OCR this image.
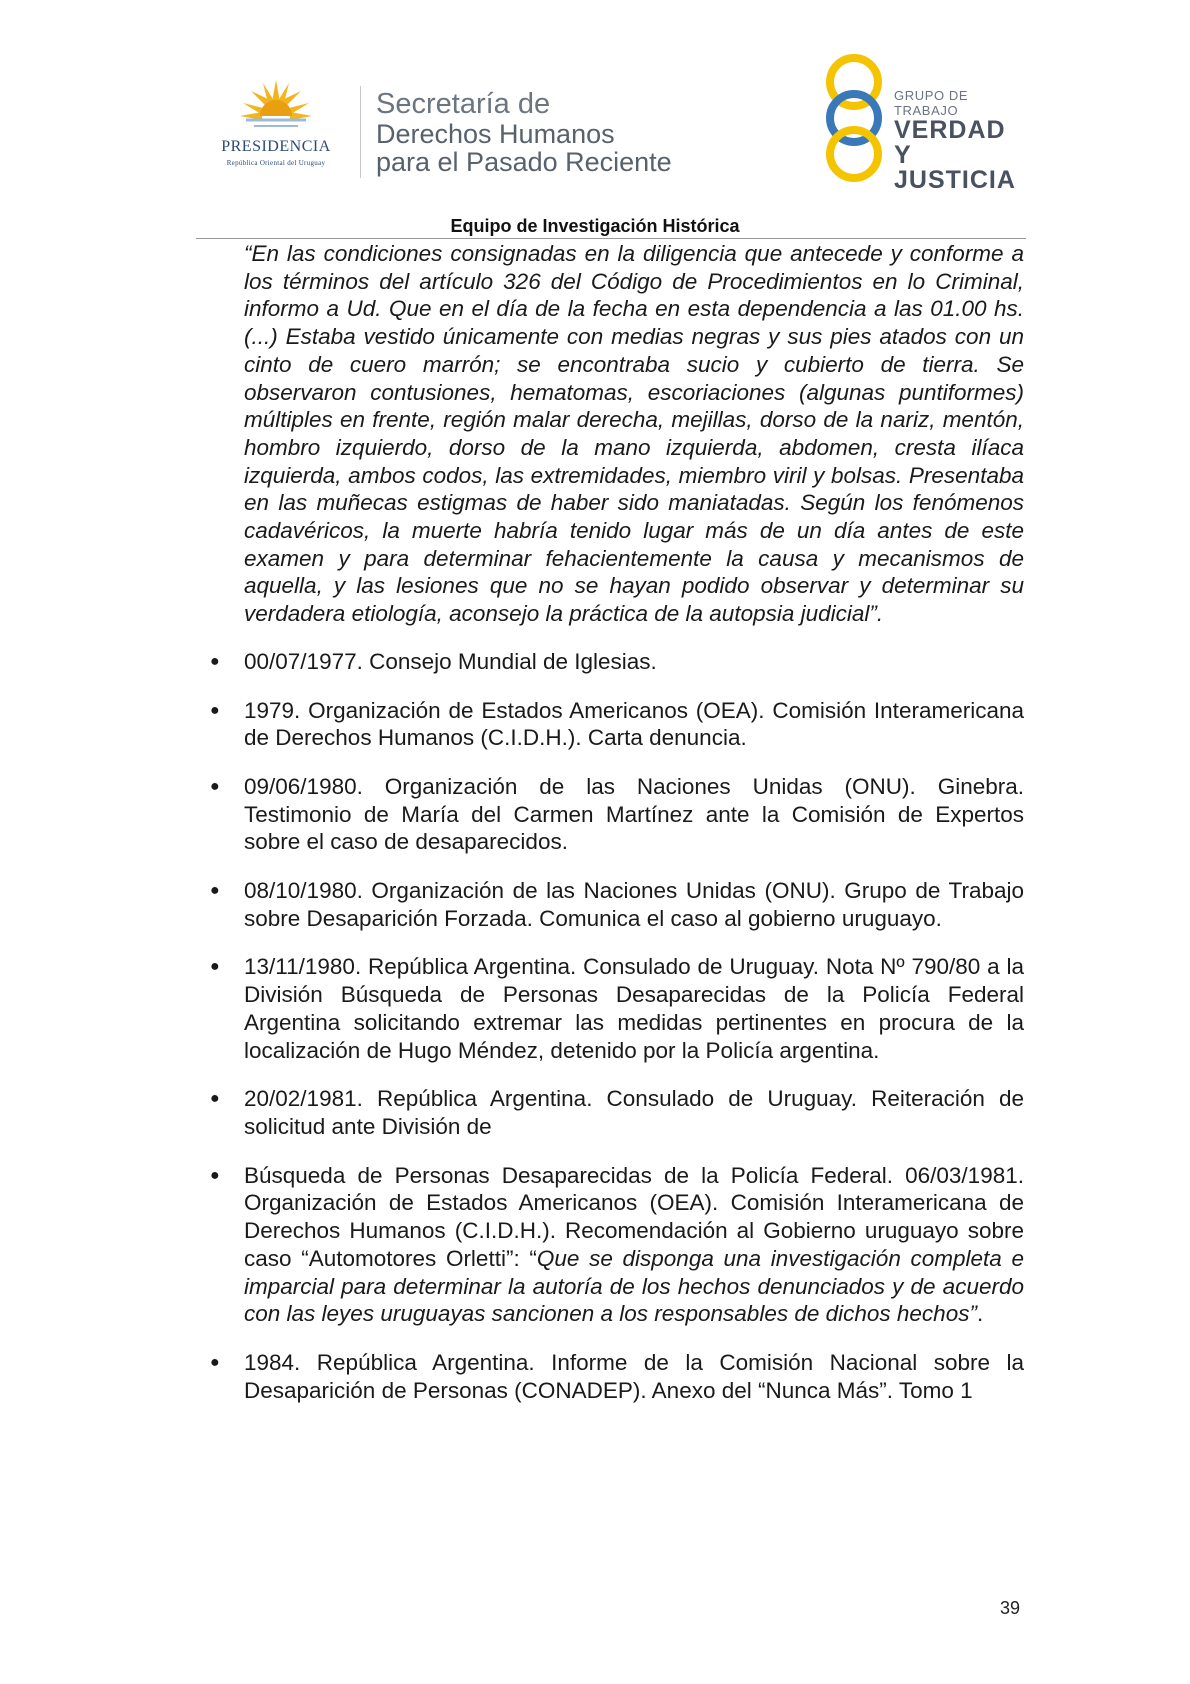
PRESIDENCIA
República Oriental del Uruguay
Secretaría de
Derechos Humanos
para el Pasado Reciente
GRUPO DE TRABAJO
VERDAD Y
JUSTICIA
Equipo de Investigación Histórica
“En las condiciones consignadas en la diligencia que antecede y conforme a los términos del artículo 326 del Código de Procedimientos en lo Criminal, informo a Ud. Que en el día de la fecha en esta dependencia a las 01.00 hs. (...) Estaba vestido únicamente con medias negras y sus pies atados con un cinto de cuero marrón; se encontraba sucio y cubierto de tierra. Se observaron contusiones, hematomas, escoriaciones (algunas puntiformes) múltiples en frente, región malar derecha, mejillas, dorso de la nariz, mentón, hombro izquierdo, dorso de la mano izquierda, abdomen, cresta ilíaca izquierda, ambos codos, las extremidades, miembro viril y bolsas. Presentaba en las muñecas estigmas de haber sido maniatadas. Según los fenómenos cadavéricos, la muerte habría tenido lugar más de un día antes de este examen y para determinar fehacientemente la causa y mecanismos de aquella, y las lesiones que no se hayan podido observar y determinar su verdadera etiología, aconsejo la práctica de la autopsia judicial”.
●	00/07/1977. Consejo Mundial de Iglesias.
●	1979. Organización de Estados Americanos (OEA). Comisión Interamericana de Derechos Humanos (C.I.D.H.). Carta denuncia.
●	09/06/1980. Organización de las Naciones Unidas (ONU). Ginebra. Testimonio de María del Carmen Martínez ante la Comisión de Expertos sobre el caso de desaparecidos.
●	08/10/1980. Organización de las Naciones Unidas (ONU). Grupo de Trabajo sobre Desaparición Forzada. Comunica el caso al gobierno uruguayo.
●	13/11/1980. República Argentina. Consulado de Uruguay. Nota Nº 790/80 a la División Búsqueda de Personas Desaparecidas de la Policía Federal Argentina solicitando extremar las medidas pertinentes en procura de la localización de Hugo Méndez, detenido por la Policía argentina.
●	20/02/1981. República Argentina. Consulado de Uruguay. Reiteración de solicitud ante División de
●	Búsqueda de Personas Desaparecidas de la Policía Federal. 06/03/1981. Organización de Estados Americanos (OEA). Comisión Interamericana de Derechos Humanos (C.I.D.H.). Recomendación al Gobierno uruguayo sobre caso “Automotores Orletti”: “Que se disponga una investigación completa e imparcial para determinar la autoría de los hechos denunciados y de acuerdo con las leyes uruguayas sancionen a los responsables de dichos hechos”.
●	1984. República Argentina. Informe de la Comisión Nacional sobre la Desaparición de Personas (CONADEP). Anexo del “Nunca Más”. Tomo 1
39
